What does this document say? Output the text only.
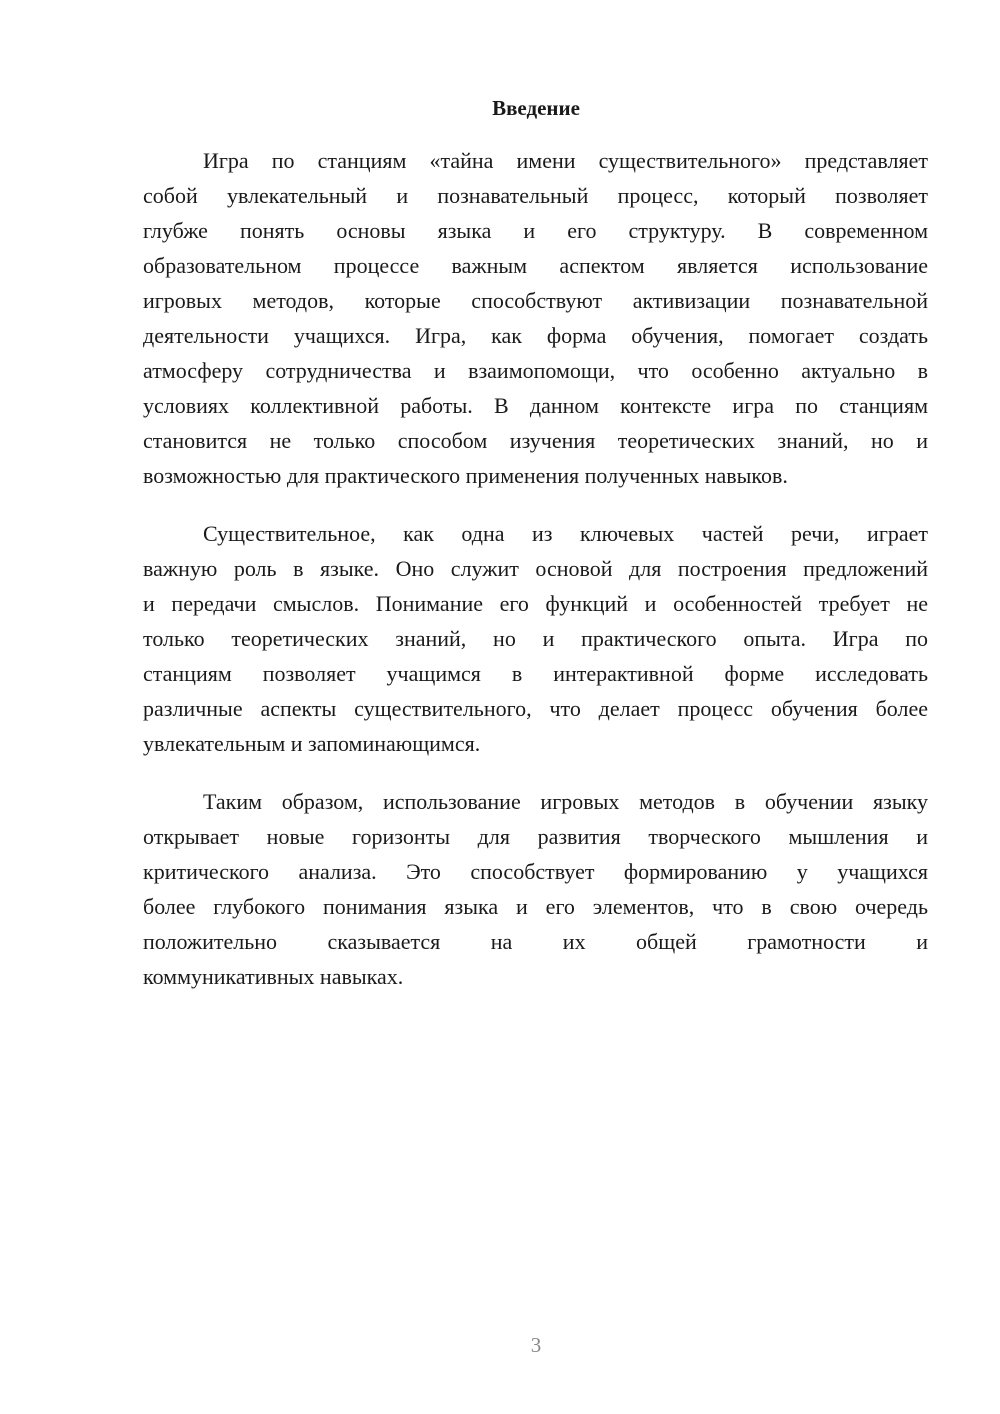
Введение
Игра по станциям «тайна имени существительного» представляет
собой увлекательный и познавательный процесс, который позволяет
глубже понять основы языка и его структуру. В современном
образовательном процессе важным аспектом является использование
игровых методов, которые способствуют активизации познавательной
деятельности учащихся. Игра, как форма обучения, помогает создать
атмосферу сотрудничества и взаимопомощи, что особенно актуально в
условиях коллективной работы. В данном контексте игра по станциям
становится не только способом изучения теоретических знаний, но и
возможностью для практического применения полученных навыков.
Существительное, как одна из ключевых частей речи, играет
важную роль в языке. Оно служит основой для построения предложений
и передачи смыслов. Понимание его функций и особенностей требует не
только теоретических знаний, но и практического опыта. Игра по
станциям позволяет учащимся в интерактивной форме исследовать
различные аспекты существительного, что делает процесс обучения более
увлекательным и запоминающимся.
Таким образом, использование игровых методов в обучении языку
открывает новые горизонты для развития творческого мышления и
критического анализа. Это способствует формированию у учащихся
более глубокого понимания языка и его элементов, что в свою очередь
положительно сказывается на их общей грамотности и
коммуникативных навыках.
3
